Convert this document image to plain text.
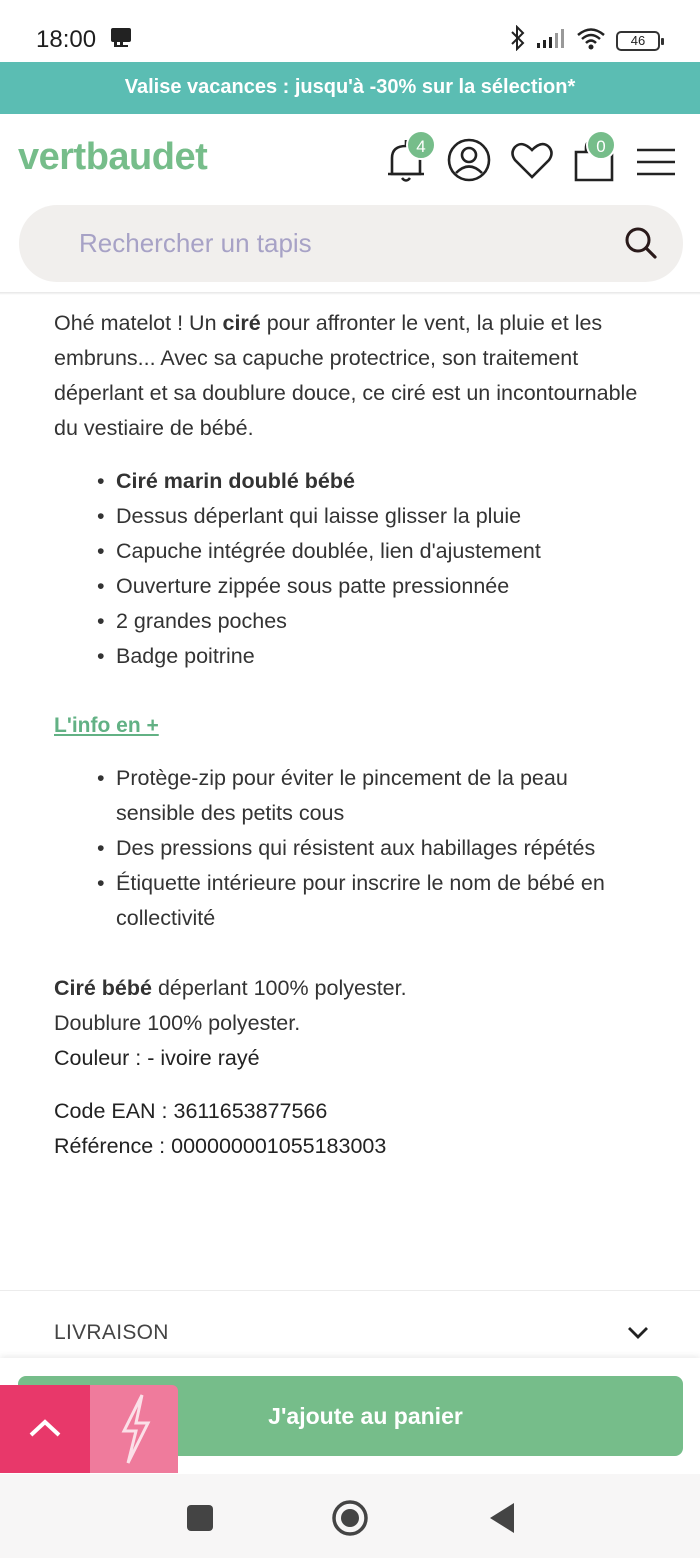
18:00	46
Valise vacances : jusqu'à -30% sur la sélection*
vertbaudet	4	0
Rechercher un tapis

Ohé matelot ! Un ciré pour affronter le vent, la pluie et les embruns... Avec sa capuche protectrice, son traitement déperlant et sa doublure douce, ce ciré est un incontournable du vestiaire de bébé.

• Ciré marin doublé bébé
• Dessus déperlant qui laisse glisser la pluie
• Capuche intégrée doublée, lien d'ajustement
• Ouverture zippée sous patte pressionnée
• 2 grandes poches
• Badge poitrine

L'info en +

• Protège-zip pour éviter le pincement de la peau sensible des petits cous
• Des pressions qui résistent aux habillages répétés
• Étiquette intérieure pour inscrire le nom de bébé en collectivité

Ciré bébé déperlant 100% polyester.

Doublure 100% polyester.

Couleur : - ivoire rayé

Code EAN : 3611653877566

Référence : 000000001055183003

LIVRAISON
J'ajoute au panier
